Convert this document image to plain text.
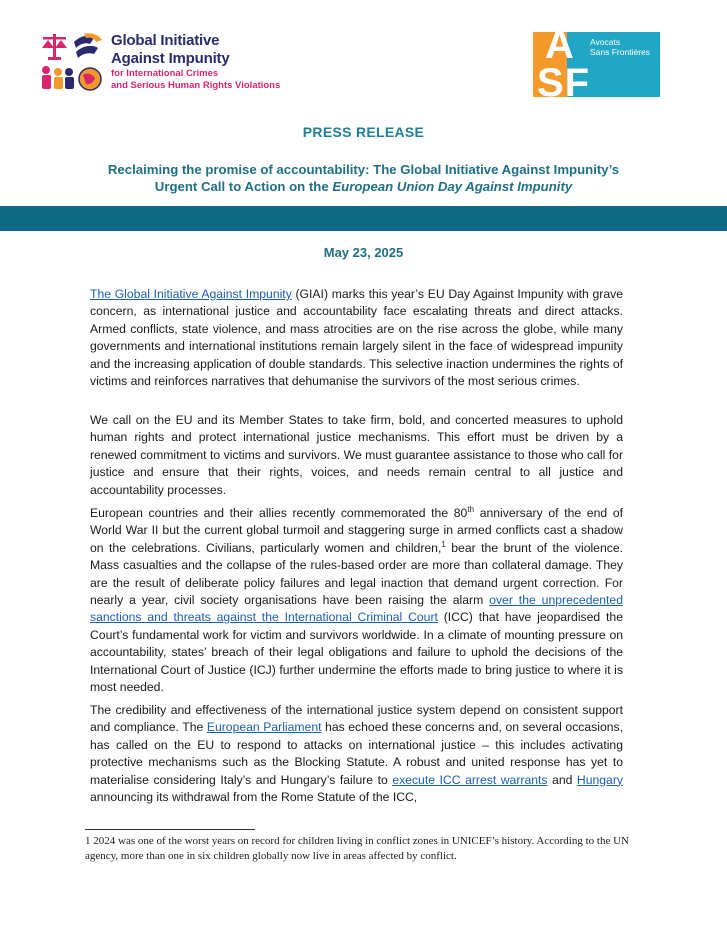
Global Initiative
Against Impunity
for International Crimes
and Serious Human Rights Violations
A
SF
Avocats
Sans Frontières
PRESS RELEASE
Reclaiming the promise of accountability: The Global Initiative Against Impunity’s
Urgent Call to Action on the European Union Day Against Impunity
May 23, 2025
The Global Initiative Against Impunity (GIAI) marks this year’s EU Day Against Impunity with grave concern, as international justice and accountability face escalating threats and direct attacks. Armed conflicts, state violence, and mass atrocities are on the rise across the globe, while many governments and international institutions remain largely silent in the face of widespread impunity and the increasing application of double standards. This selective inaction undermines the rights of victims and reinforces narratives that dehumanise the survivors of the most serious crimes.
We call on the EU and its Member States to take firm, bold, and concerted measures to uphold human rights and protect international justice mechanisms. This effort must be driven by a renewed commitment to victims and survivors. We must guarantee assistance to those who call for justice and ensure that their rights, voices, and needs remain central to all justice and accountability processes.
European countries and their allies recently commemorated the 80th anniversary of the end of World War II but the current global turmoil and staggering surge in armed conflicts cast a shadow on the celebrations. Civilians, particularly women and children,$^1$ bear the brunt of the violence. Mass casualties and the collapse of the rules-based order are more than collateral damage. They are the result of deliberate policy failures and legal inaction that demand urgent correction. For nearly a year, civil society organisations have been raising the alarm over the unprecedented sanctions and threats against the International Criminal Court (ICC) that have jeopardised the Court’s fundamental work for victim and survivors worldwide. In a climate of mounting pressure on accountability, states’ breach of their legal obligations and failure to uphold the decisions of the International Court of Justice (ICJ) further undermine the efforts made to bring justice to where it is most needed.
The credibility and effectiveness of the international justice system depend on consistent support and compliance. The European Parliament has echoed these concerns and, on several occasions, has called on the EU to respond to attacks on international justice – this includes activating protective mechanisms such as the Blocking Statute. A robust and united response has yet to materialise considering Italy’s and Hungary’s failure to execute ICC arrest warrants and Hungary announcing its withdrawal from the Rome Statute of the ICC,
1 2024 was one of the worst years on record for children living in conflict zones in UNICEF’s history. According to the UN agency, more than one in six children globally now live in areas affected by conflict.
